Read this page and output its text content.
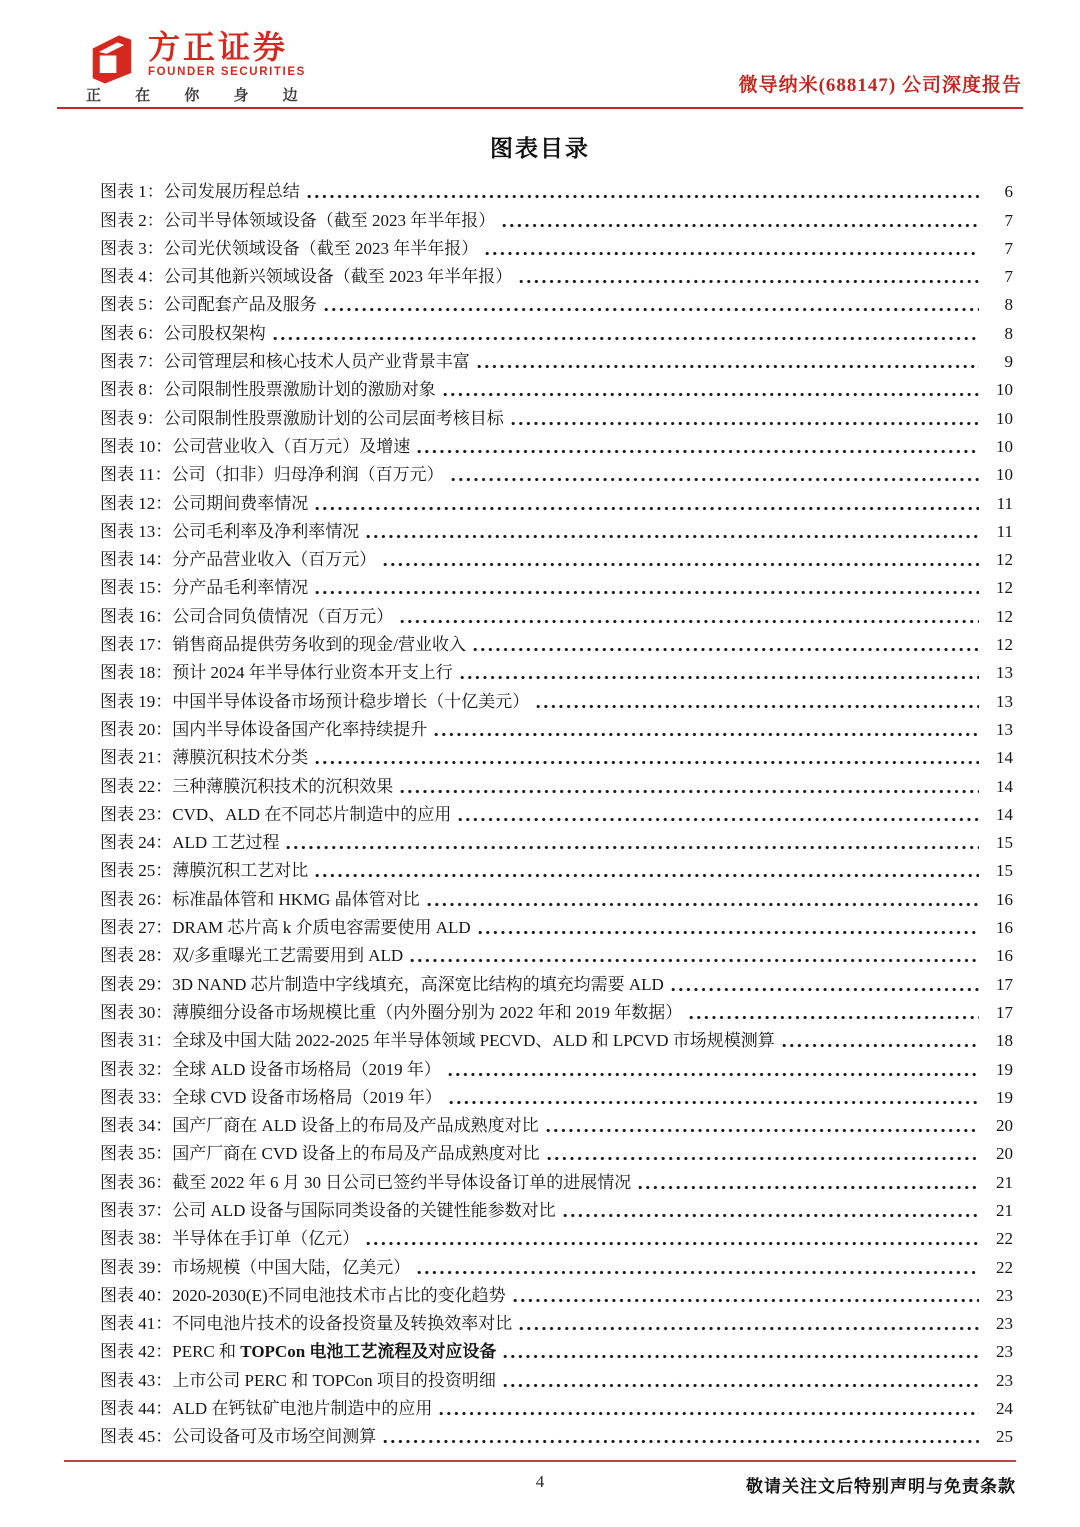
方正证券
FOUNDER SECURITIES
正 在 你 身 边	微导纳米(688147) 公司深度报告
图表目录
图表 1：公司发展历程总结	6
图表 2：公司半导体领域设备（截至 2023 年半年报）	7
图表 3：公司光伏领域设备（截至 2023 年半年报）	7
图表 4：公司其他新兴领域设备（截至 2023 年半年报）	7
图表 5：公司配套产品及服务	8
图表 6：公司股权架构	8
图表 7：公司管理层和核心技术人员产业背景丰富	9
图表 8：公司限制性股票激励计划的激励对象	10
图表 9：公司限制性股票激励计划的公司层面考核目标	10
图表 10：公司营业收入（百万元）及增速	10
图表 11：公司（扣非）归母净利润（百万元）	10
图表 12：公司期间费率情况	11
图表 13：公司毛利率及净利率情况	11
图表 14：分产品营业收入（百万元）	12
图表 15：分产品毛利率情况	12
图表 16：公司合同负债情况（百万元）	12
图表 17：销售商品提供劳务收到的现金/营业收入	12
图表 18：预计 2024 年半导体行业资本开支上行	13
图表 19：中国半导体设备市场预计稳步增长（十亿美元）	13
图表 20：国内半导体设备国产化率持续提升	13
图表 21：薄膜沉积技术分类	14
图表 22：三种薄膜沉积技术的沉积效果	14
图表 23：CVD、ALD 在不同芯片制造中的应用	14
图表 24：ALD 工艺过程	15
图表 25：薄膜沉积工艺对比	15
图表 26：标准晶体管和 HKMG 晶体管对比	16
图表 27：DRAM 芯片高 k 介质电容需要使用 ALD	16
图表 28：双/多重曝光工艺需要用到 ALD	16
图表 29：3D NAND 芯片制造中字线填充，高深宽比结构的填充均需要 ALD	17
图表 30：薄膜细分设备市场规模比重（内外圈分别为 2022 年和 2019 年数据）	17
图表 31：全球及中国大陆 2022-2025 年半导体领域 PECVD、ALD 和 LPCVD 市场规模测算	18
图表 32：全球 ALD 设备市场格局（2019 年）	19
图表 33：全球 CVD 设备市场格局（2019 年）	19
图表 34：国产厂商在 ALD 设备上的布局及产品成熟度对比	20
图表 35：国产厂商在 CVD 设备上的布局及产品成熟度对比	20
图表 36：截至 2022 年 6 月 30 日公司已签约半导体设备订单的进展情况	21
图表 37：公司 ALD 设备与国际同类设备的关键性能参数对比	21
图表 38：半导体在手订单（亿元）	22
图表 39：市场规模（中国大陆，亿美元）	22
图表 40：2020-2030(E)不同电池技术市占比的变化趋势	23
图表 41：不同电池片技术的设备投资量及转换效率对比	23
图表 42：PERC 和 TOPCon 电池工艺流程及对应设备	23
图表 43：上市公司 PERC 和 TOPCon 项目的投资明细	23
图表 44：ALD 在钙钛矿电池片制造中的应用	24
图表 45：公司设备可及市场空间测算	25
4	敬请关注文后特别声明与免责条款
